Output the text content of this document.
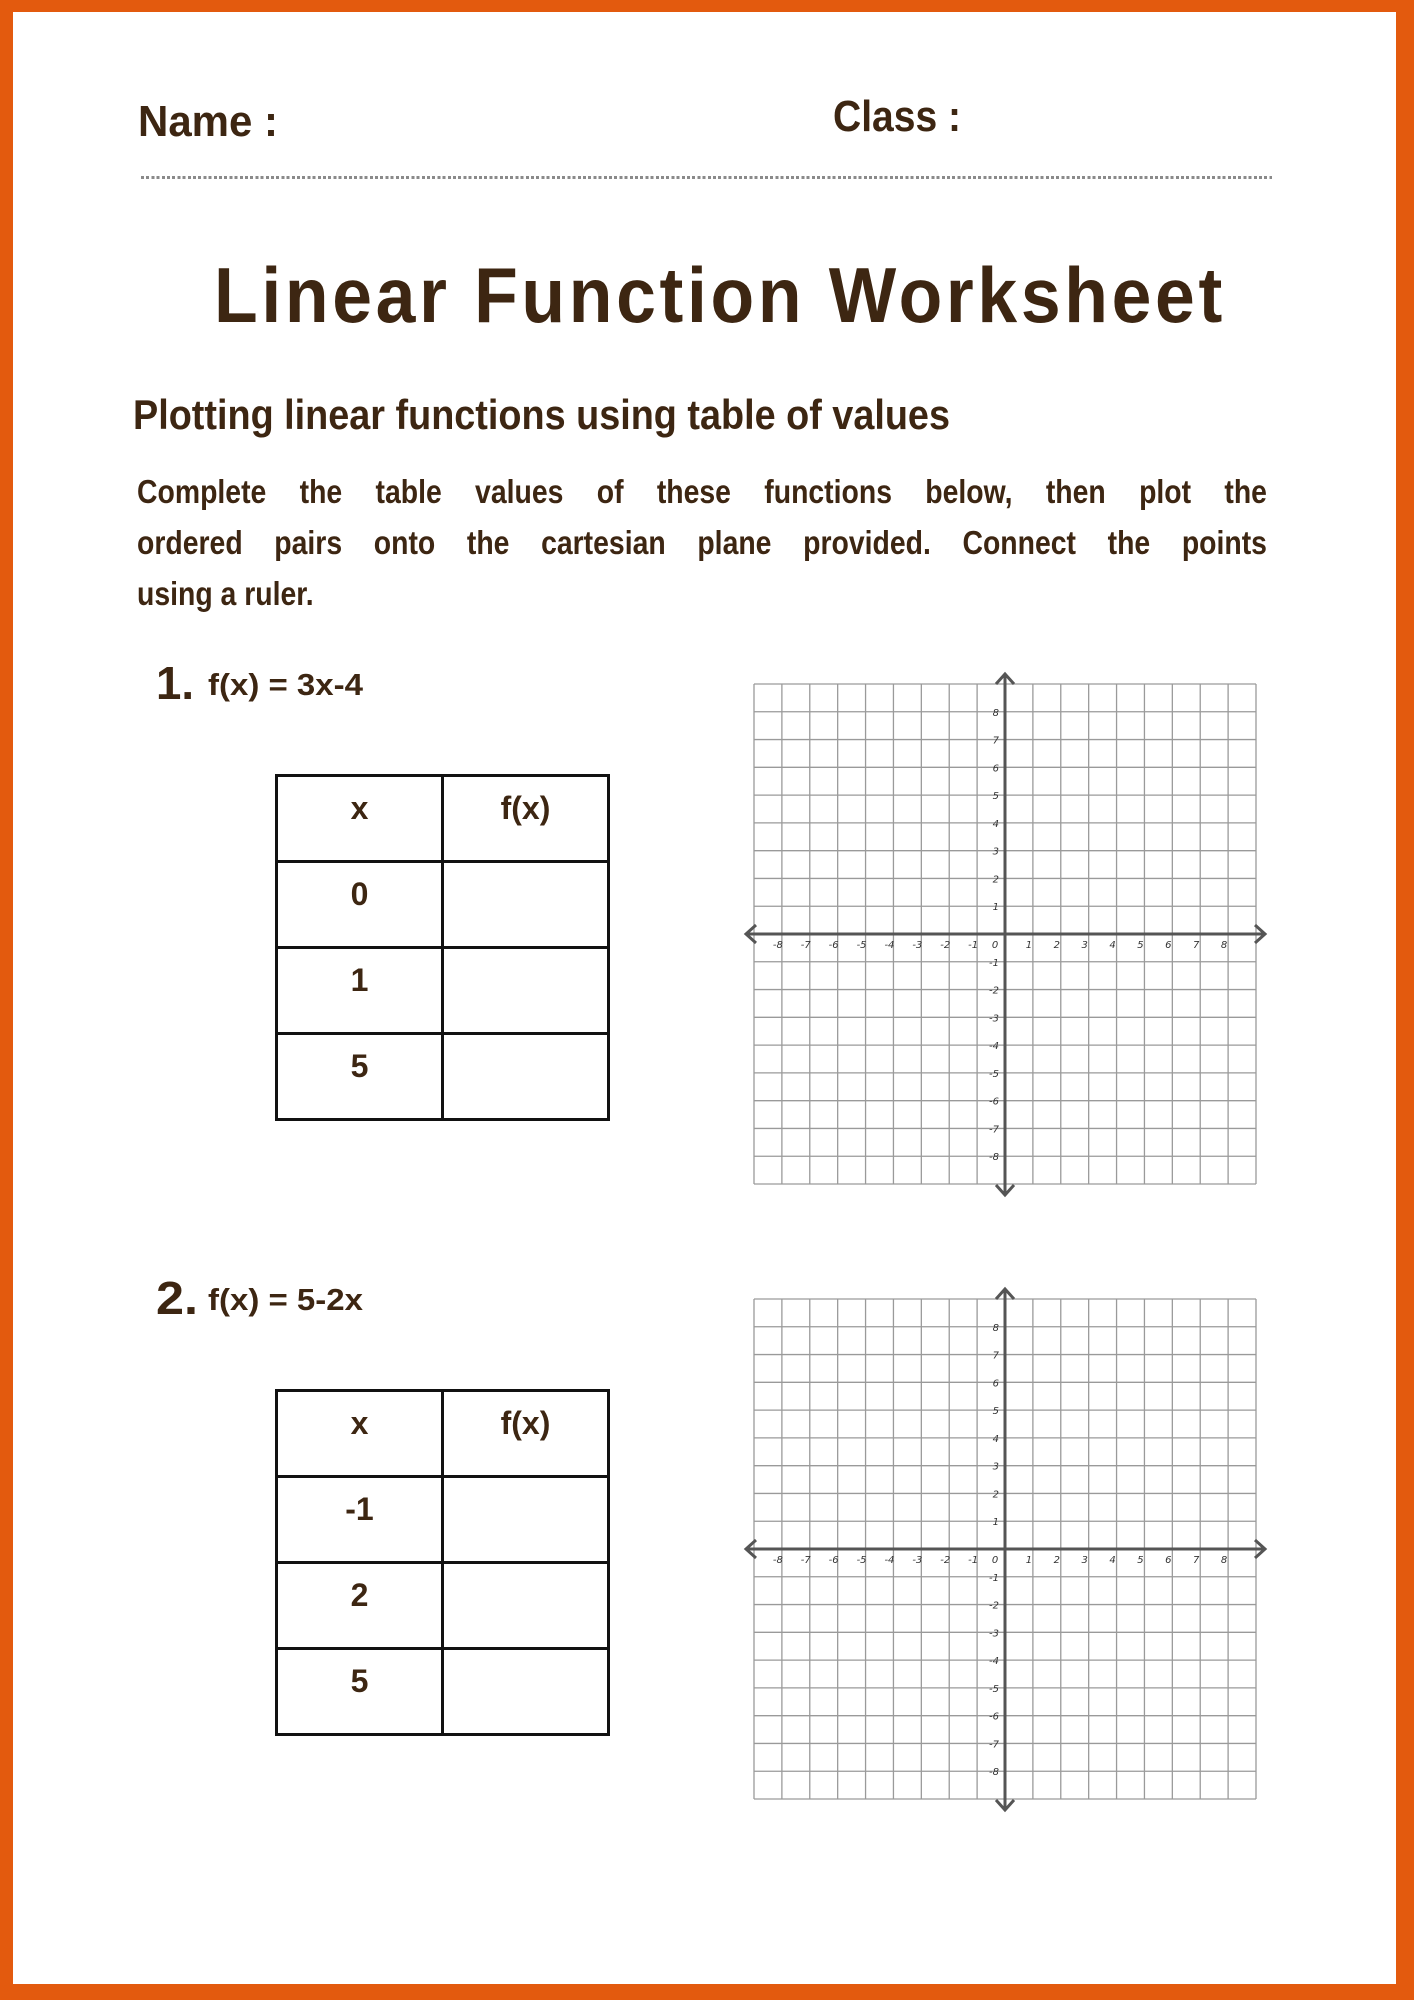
Name :	Class :
Linear Function Worksheet
Plotting linear functions using table of values
Complete the table values of these functions below, then plot the
ordered pairs onto the cartesian plane provided. Connect the points
using a ruler.
1. f(x) = 3x-4
x	f(x)
0	
1	
5	
-8 -7 -6 -5 -4 -3 -2 -1 0	1 2 3 4 5 6 7 8
1
2
3
4
5
6
7
8
-1
-2
-3
-4
-5
-6
-7
-8
2. f(x) = 5-2x
x	f(x)
-1	
2	
5	
-8 -7 -6 -5 -4 -3 -2 -1 0	1 2 3 4 5 6 7 8
1
2
3
4
5
6
7
8
-1
-2
-3
-4
-5
-6
-7
-8
